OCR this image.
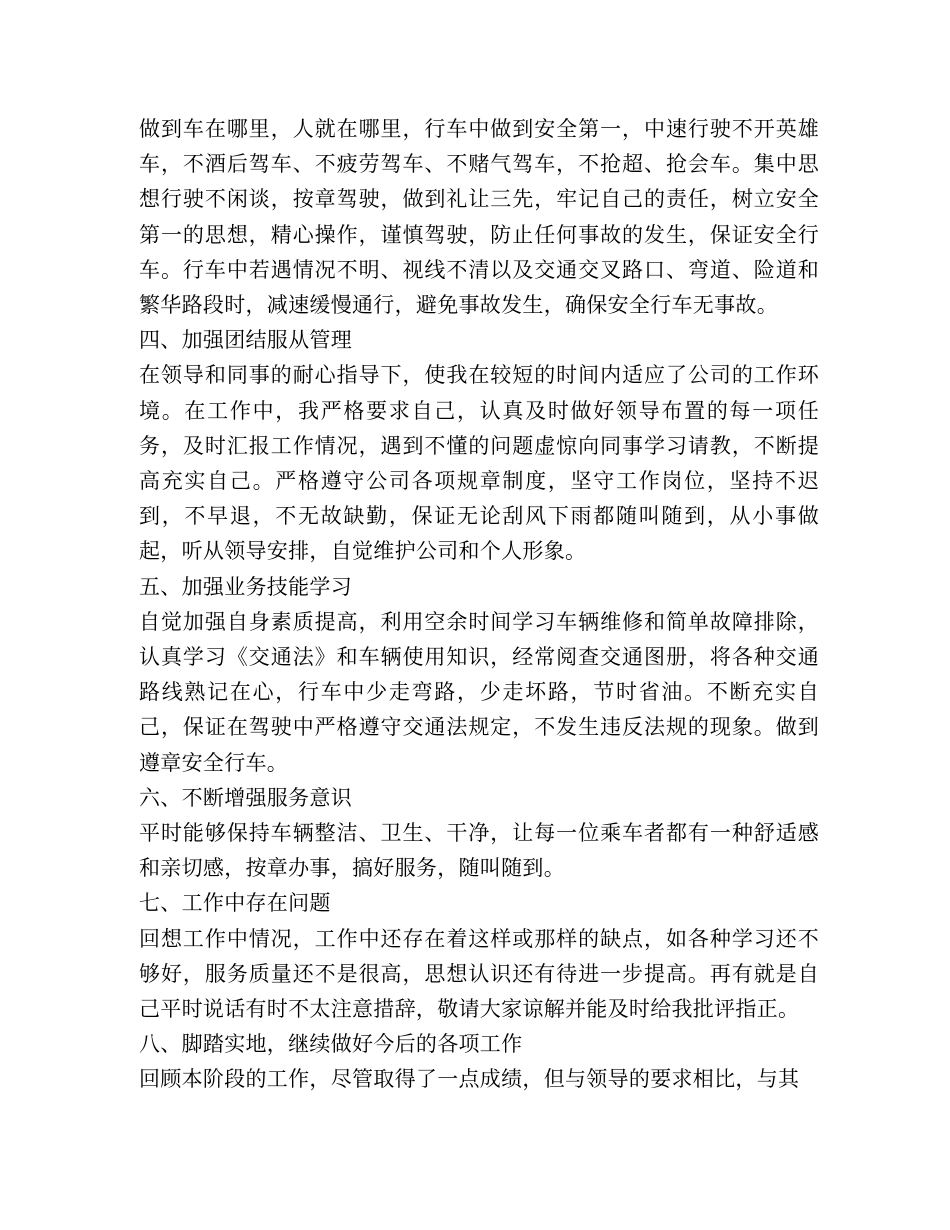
做到车在哪里，人就在哪里，行车中做到安全第一，中速行驶不开英雄车，不酒后驾车、不疲劳驾车、不赌气驾车，不抢超、抢会车。集中思想行驶不闲谈，按章驾驶，做到礼让三先，牢记自己的责任，树立安全第一的思想，精心操作，谨慎驾驶，防止任何事故的发生，保证安全行车。行车中若遇情况不明、视线不清以及交通交叉路口、弯道、险道和繁华路段时，减速缓慢通行，避免事故发生，确保安全行车无事故。

四、加强团结服从管理

在领导和同事的耐心指导下，使我在较短的时间内适应了公司的工作环境。在工作中，我严格要求自己，认真及时做好领导布置的每一项任务，及时汇报工作情况，遇到不懂的问题虚惊向同事学习请教，不断提高充实自己。严格遵守公司各项规章制度，坚守工作岗位，坚持不迟到，不早退，不无故缺勤，保证无论刮风下雨都随叫随到，从小事做起，听从领导安排，自觉维护公司和个人形象。

五、加强业务技能学习

自觉加强自身素质提高，利用空余时间学习车辆维修和简单故障排除，认真学习《交通法》和车辆使用知识，经常阅查交通图册，将各种交通路线熟记在心，行车中少走弯路，少走坏路，节时省油。不断充实自己，保证在驾驶中严格遵守交通法规定，不发生违反法规的现象。做到遵章安全行车。

六、不断增强服务意识

平时能够保持车辆整洁、卫生、干净，让每一位乘车者都有一种舒适感和亲切感，按章办事，搞好服务，随叫随到。

七、工作中存在问题

回想工作中情况，工作中还存在着这样或那样的缺点，如各种学习还不够好，服务质量还不是很高，思想认识还有待进一步提高。再有就是自己平时说话有时不太注意措辞，敬请大家谅解并能及时给我批评指正。

八、脚踏实地，继续做好今后的各项工作

回顾本阶段的工作，尽管取得了一点成绩，但与领导的要求相比，与其
